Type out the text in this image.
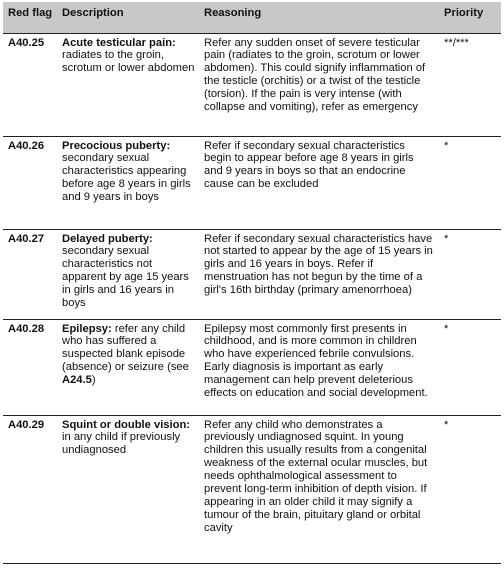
Red flag	Description	Reasoning	Priority
A40.25	Acute testicular pain: radiates to the groin, scrotum or lower abdomen	Refer any sudden onset of severe testicular pain (radiates to the groin, scrotum or lower abdomen). This could signify inflammation of the testicle (orchitis) or a twist of the testicle (torsion). If the pain is very intense (with collapse and vomiting), refer as emergency	**/***
A40.26	Precocious puberty: secondary sexual characteristics appearing before age 8 years in girls and 9 years in boys	Refer if secondary sexual characteristics begin to appear before age 8 years in girls and 9 years in boys so that an endocrine cause can be excluded	*
A40.27	Delayed puberty: secondary sexual characteristics not apparent by age 15 years in girls and 16 years in boys	Refer if secondary sexual characteristics have not started to appear by the age of 15 years in girls and 16 years in boys. Refer if menstruation has not begun by the time of a girl's 16th birthday (primary amenorrhoea)	*
A40.28	Epilepsy: refer any child who has suffered a suspected blank episode (absence) or seizure (see A24.5)	Epilepsy most commonly first presents in childhood, and is more common in children who have experienced febrile convulsions. Early diagnosis is important as early management can help prevent deleterious effects on education and social development.	*
A40.29	Squint or double vision: in any child if previously undiagnosed	Refer any child who demonstrates a previously undiagnosed squint. In young children this usually results from a congenital weakness of the external ocular muscles, but needs ophthalmological assessment to prevent long-term inhibition of depth vision. If appearing in an older child it may signify a tumour of the brain, pituitary gland or orbital cavity	*
